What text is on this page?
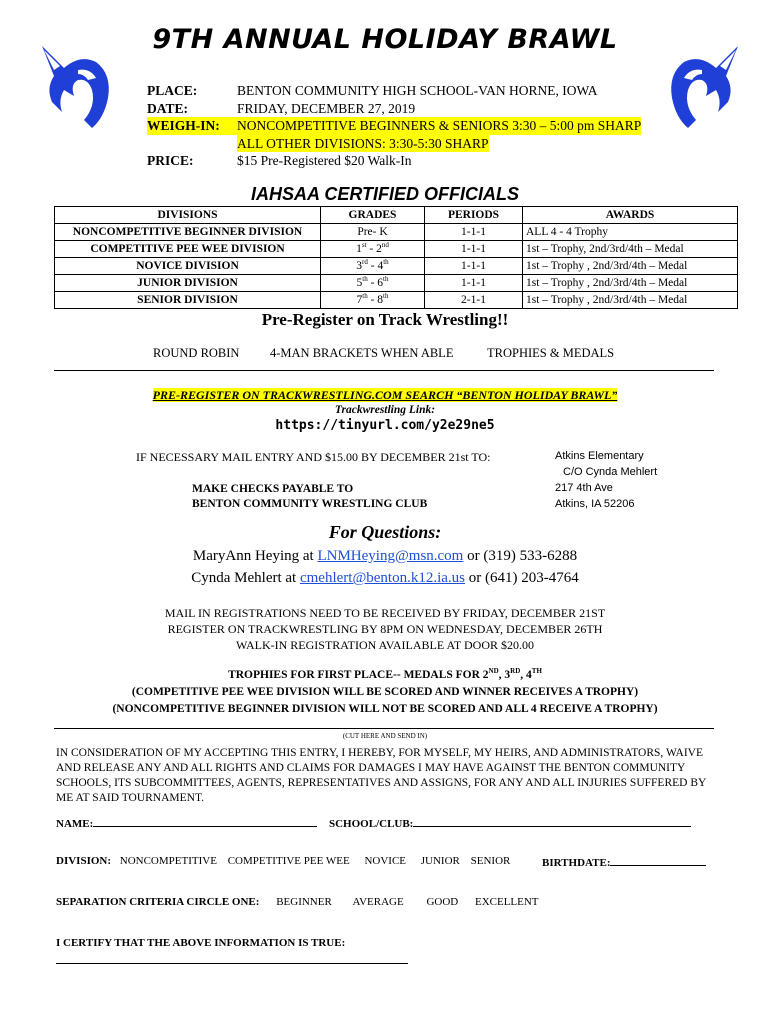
9TH ANNUAL HOLIDAY BRAWL
PLACE:	BENTON COMMUNITY HIGH SCHOOL-VAN HORNE, IOWA
DATE:	FRIDAY, DECEMBER 27, 2019
WEIGH-IN:	NONCOMPETITIVE BEGINNERS & SENIORS 3:30 – 5:00 pm SHARP
ALL OTHER DIVISIONS: 3:30-5:30 SHARP
PRICE:	$15 Pre-Registered $20 Walk-In
IAHSAA CERTIFIED OFFICIALS
DIVISIONS	GRADES	PERIODS	AWARDS
NONCOMPETITIVE BEGINNER DIVISION	Pre- K	1-1-1	ALL 4 - 4 Trophy
COMPETITIVE PEE WEE DIVISION	1st - 2nd	1-1-1	1st – Trophy, 2nd/3rd/4th – Medal
NOVICE DIVISION	3rd - 4th	1-1-1	1st – Trophy , 2nd/3rd/4th – Medal
JUNIOR DIVISION	5th - 6th	1-1-1	1st – Trophy , 2nd/3rd/4th – Medal
SENIOR DIVISION	7th - 8th	2-1-1	1st – Trophy , 2nd/3rd/4th – Medal
Pre-Register on Track Wrestling!!
ROUND ROBIN 4-MAN BRACKETS WHEN ABLE	TROPHIES & MEDALS
PRE-REGISTER ON TRACKWRESTLING.COM SEARCH “BENTON HOLIDAY BRAWL”
Trackwrestling Link:
https://tinyurl.com/y2e29ne5
IF NECESSARY MAIL ENTRY AND $15.00 BY DECEMBER 21st TO:
MAKE CHECKS PAYABLE TO
BENTON COMMUNITY WRESTLING CLUB
Atkins Elementary
C/O Cynda Mehlert
217 4th Ave
Atkins, IA 52206
For Questions:
MaryAnn Heying at LNMHeying@msn.com or (319) 533-6288
Cynda Mehlert at cmehlert@benton.k12.ia.us or (641) 203-4764
MAIL IN REGISTRATIONS NEED TO BE RECEIVED BY FRIDAY, DECEMBER 21ST
REGISTER ON TRACKWRESTLING BY 8PM ON WEDNESDAY, DECEMBER 26TH
WALK-IN REGISTRATION AVAILABLE AT DOOR $20.00
TROPHIES FOR FIRST PLACE-- MEDALS FOR 2ND, 3RD, 4TH
(COMPETITIVE PEE WEE DIVISION WILL BE SCORED AND WINNER RECEIVES A TROPHY)
(NONCOMPETITIVE BEGINNER DIVISION WILL NOT BE SCORED AND ALL 4 RECEIVE A TROPHY)
(CUT HERE AND SEND IN)
IN CONSIDERATION OF MY ACCEPTING THIS ENTRY, I HEREBY, FOR MYSELF, MY HEIRS, AND ADMINISTRATORS, WAIVE AND RELEASE ANY AND ALL RIGHTS AND CLAIMS FOR DAMAGES I MAY HAVE AGAINST THE BENTON COMMUNITY SCHOOLS, ITS SUBCOMMITTEES, AGENTS, REPRESENTATIVES AND ASSIGNS, FOR ANY AND ALL INJURIES SUFFERED BY ME AT SAID TOURNAMENT.
NAME:	SCHOOL/CLUB:
DIVISION: NONCOMPETITIVE COMPETITIVE PEE WEE NOVICE JUNIOR SENIOR	BIRTHDATE:
SEPARATION CRITERIA CIRCLE ONE: BEGINNER AVERAGE GOOD EXCELLENT
I CERTIFY THAT THE ABOVE INFORMATION IS TRUE:
